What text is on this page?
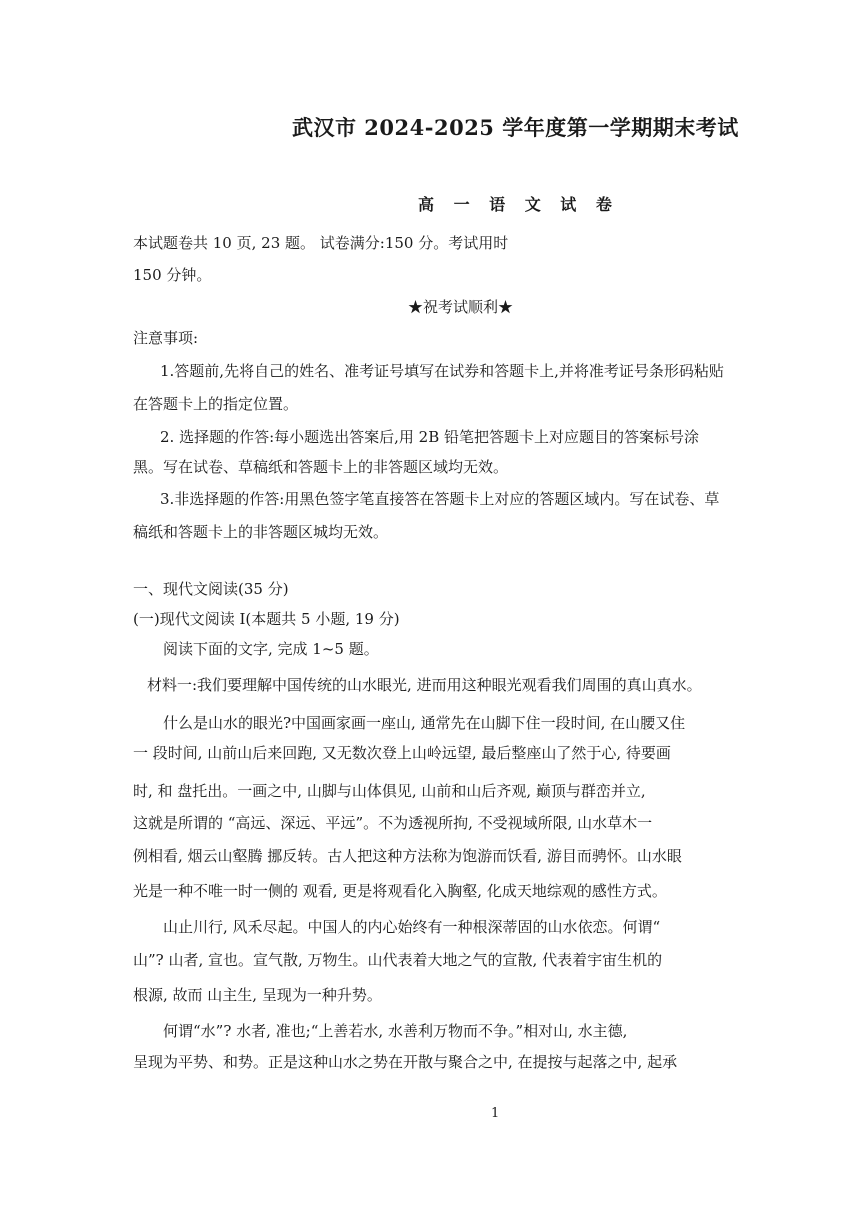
武汉市 2024-2025 学年度第一学期期末考试
高 一 语 文 试 卷
本试题卷共 10 页, 23 题。 试卷满分:150 分。考试用时
150 分钟。
★祝考试顺利★
注意事项:
1.答题前,先将自己的姓名、准考证号填写在试券和答题卡上,并将准考证号条形码粘贴
在答题卡上的指定位置。
2. 选择题的作答:每小题选出答案后,用 2B 铅笔把答题卡上对应题目的答案标号涂
黑。写在试卷、草稿纸和答题卡上的非答题区域均无效。
3.非选择题的作答:用黑色签字笔直接答在答题卡上对应的答题区域内。写在试卷、草
稿纸和答题卡上的非答题区城均无效。
一、现代文阅读(35 分)
(一)现代文阅读 I(本题共 5 小题, 19 分)
阅读下面的文字, 完成 1~5 题。
材料一:我们要理解中国传统的山水眼光, 进而用这种眼光观看我们周围的真山真水。
什么是山水的眼光?中国画家画一座山, 通常先在山脚下住一段时间, 在山腰又住
一 段时间, 山前山后来回跑, 又无数次登上山岭远望, 最后整座山了然于心, 待要画
时, 和 盘托出。一画之中, 山脚与山体俱见, 山前和山后齐观, 巅顶与群峦并立,
这就是所谓的 “高远、深远、平远”。不为透视所拘, 不受视域所限, 山水草木一
例相看, 烟云山壑腾 挪反转。古人把这种方法称为饱游而饫看, 游目而骋怀。山水眼
光是一种不唯一时一侧的 观看, 更是将观看化入胸壑, 化成天地综观的感性方式。
山止川行, 风禾尽起。中国人的内心始终有一种根深蒂固的山水依恋。何谓“
山”? 山者, 宣也。宣气散, 万物生。山代表着大地之气的宣散, 代表着宇宙生机的
根源, 故而 山主生, 呈现为一种升势。
何谓“水”? 水者, 准也;“上善若水, 水善利万物而不争。”相对山, 水主德,
呈现为平势、和势。正是这种山水之势在开散与聚合之中, 在提按与起落之中, 起承
1
